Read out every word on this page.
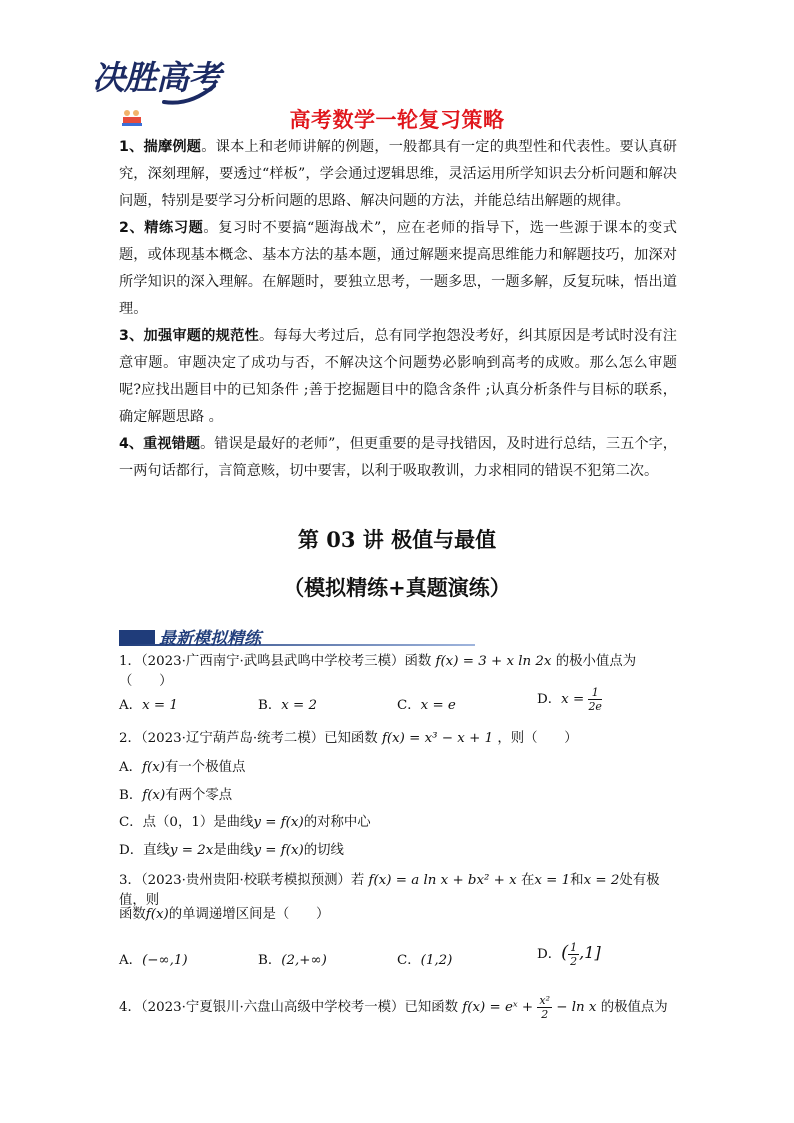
决胜高考
高考数学一轮复习策略

1、揣摩例题。课本上和老师讲解的例题，一般都具有一定的典型性和代表性。要认真研究，深刻理解，要透过“样板”，学会通过逻辑思维，灵活运用所学知识去分析问题和解决问题，特别是要学习分析问题的思路、解决问题的方法，并能总结出解题的规律。

2、精练习题。复习时不要搞“题海战术”，应在老师的指导下，选一些源于课本的变式题，或体现基本概念、基本方法的基本题，通过解题来提高思维能力和解题技巧，加深对所学知识的深入理解。在解题时，要独立思考，一题多思，一题多解，反复玩味，悟出道理。

3、加强审题的规范性。每每大考过后，总有同学抱怨没考好，纠其原因是考试时没有注意审题。审题决定了成功与否，不解决这个问题势必影响到高考的成败。那么怎么审题呢?应找出题目中的已知条件 ;善于挖掘题目中的隐含条件 ;认真分析条件与目标的联系，确定解题思路 。

4、重视错题。错误是最好的老师”，但更重要的是寻找错因，及时进行总结，三五个字，一两句话都行，言简意赅，切中要害，以利于吸取教训，力求相同的错误不犯第二次。

第 03 讲 极值与最值
（模拟精练+真题演练）
最新模拟精练
1．（2023·广西南宁·武鸣县武鸣中学校考三模）函数 f(x) = 3 + x ln 2x 的极小值点为（　　）
A．x = 1	B．x = 2	C．x = e	D．$x = \frac{1}{2e}$
2．（2023·辽宁葫芦岛·统考二模）已知函数 f(x) = x³ − x + 1 ，则（　　）
A．f(x)有一个极值点
B．f(x)有两个零点
C．点（0，1）是曲线y = f(x)的对称中心
D．直线y = 2x是曲线y = f(x)的切线
3．（2023·贵州贵阳·校联考模拟预测）若 f(x) = a ln x + bx² + x 在x = 1和x = 2处有极值，则
函数f(x)的单调递增区间是（　　）
A．(−∞,1)	B．(2,+∞)	C．(1,2)	D．( $\frac{1}{2} ,1$]
4．（2023·宁夏银川·六盘山高级中学校考一模）已知函数 f(x) = eˣ + $\frac{\text{x²}}{2} - \ln x$ 的极值点为
